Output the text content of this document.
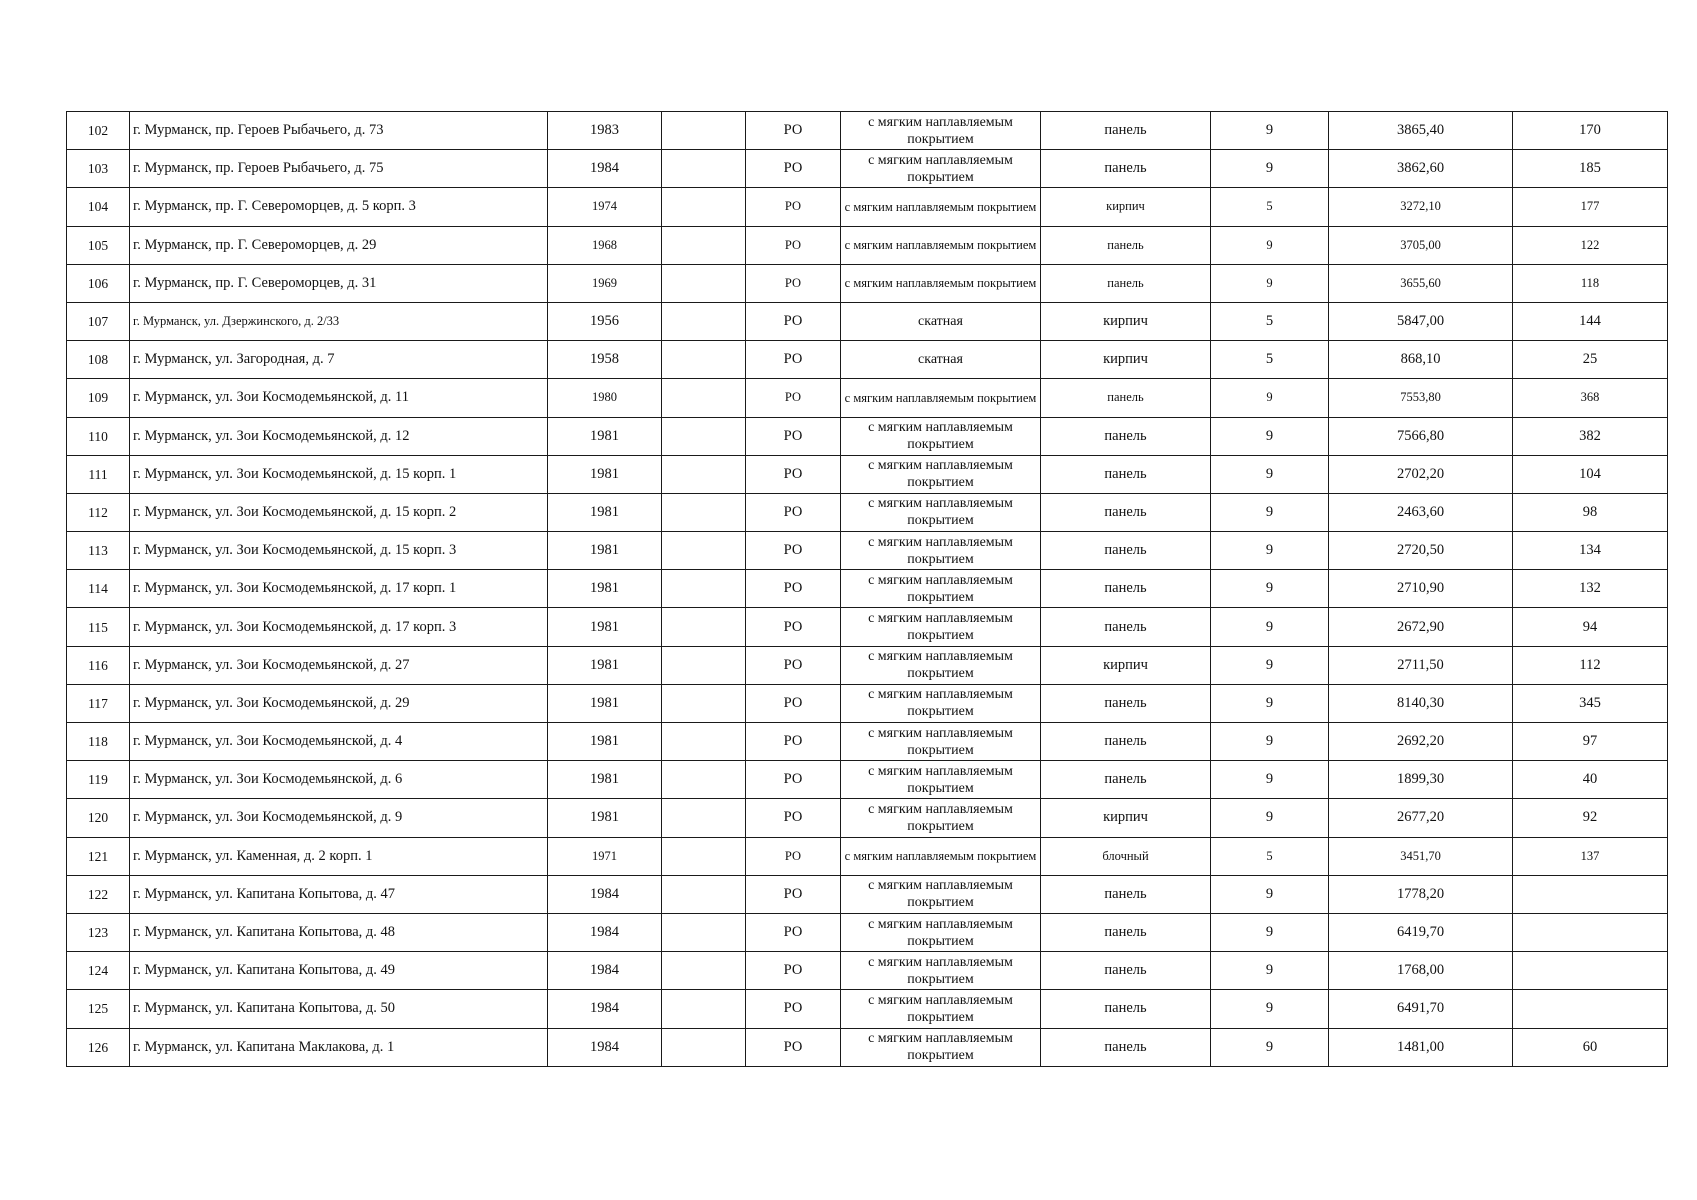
102	г. Мурманск, пр. Героев Рыбачьего, д. 73	1983		РО	с мягким наплавляемым покрытием	панель	9	3865,40	170
103	г. Мурманск, пр. Героев Рыбачьего, д. 75	1984		РО	с мягким наплавляемым покрытием	панель	9	3862,60	185
104	г. Мурманск, пр. Г. Североморцев, д. 5 корп. 3	1974		РО	с мягким наплавляемым покрытием	кирпич	5	3272,10	177
105	г. Мурманск, пр. Г. Североморцев, д. 29	1968		РО	с мягким наплавляемым покрытием	панель	9	3705,00	122
106	г. Мурманск, пр. Г. Североморцев, д. 31	1969		РО	с мягким наплавляемым покрытием	панель	9	3655,60	118
107	г. Мурманск, ул. Дзержинского, д. 2/33	1956		РО	скатная	кирпич	5	5847,00	144
108	г. Мурманск, ул. Загородная, д. 7	1958		РО	скатная	кирпич	5	868,10	25
109	г. Мурманск, ул. Зои Космодемьянской, д. 11	1980		РО	с мягким наплавляемым покрытием	панель	9	7553,80	368
110	г. Мурманск, ул. Зои Космодемьянской, д. 12	1981		РО	с мягким наплавляемым покрытием	панель	9	7566,80	382
111	г. Мурманск, ул. Зои Космодемьянской, д. 15 корп. 1	1981		РО	с мягким наплавляемым покрытием	панель	9	2702,20	104
112	г. Мурманск, ул. Зои Космодемьянской, д. 15 корп. 2	1981		РО	с мягким наплавляемым покрытием	панель	9	2463,60	98
113	г. Мурманск, ул. Зои Космодемьянской, д. 15 корп. 3	1981		РО	с мягким наплавляемым покрытием	панель	9	2720,50	134
114	г. Мурманск, ул. Зои Космодемьянской, д. 17 корп. 1	1981		РО	с мягким наплавляемым покрытием	панель	9	2710,90	132
115	г. Мурманск, ул. Зои Космодемьянской, д. 17 корп. 3	1981		РО	с мягким наплавляемым покрытием	панель	9	2672,90	94
116	г. Мурманск, ул. Зои Космодемьянской, д. 27	1981		РО	с мягким наплавляемым покрытием	кирпич	9	2711,50	112
117	г. Мурманск, ул. Зои Космодемьянской, д. 29	1981		РО	с мягким наплавляемым покрытием	панель	9	8140,30	345
118	г. Мурманск, ул. Зои Космодемьянской, д. 4	1981		РО	с мягким наплавляемым покрытием	панель	9	2692,20	97
119	г. Мурманск, ул. Зои Космодемьянской, д. 6	1981		РО	с мягким наплавляемым покрытием	панель	9	1899,30	40
120	г. Мурманск, ул. Зои Космодемьянской, д. 9	1981		РО	с мягким наплавляемым покрытием	кирпич	9	2677,20	92
121	г. Мурманск, ул. Каменная, д. 2 корп. 1	1971		РО	с мягким наплавляемым покрытием	блочный	5	3451,70	137
122	г. Мурманск, ул. Капитана Копытова, д. 47	1984		РО	с мягким наплавляемым покрытием	панель	9	1778,20	
123	г. Мурманск, ул. Капитана Копытова, д. 48	1984		РО	с мягким наплавляемым покрытием	панель	9	6419,70	
124	г. Мурманск, ул. Капитана Копытова, д. 49	1984		РО	с мягким наплавляемым покрытием	панель	9	1768,00	
125	г. Мурманск, ул. Капитана Копытова, д. 50	1984		РО	с мягким наплавляемым покрытием	панель	9	6491,70	
126	г. Мурманск, ул. Капитана Маклакова, д. 1	1984		РО	с мягким наплавляемым покрытием	панель	9	1481,00	60
